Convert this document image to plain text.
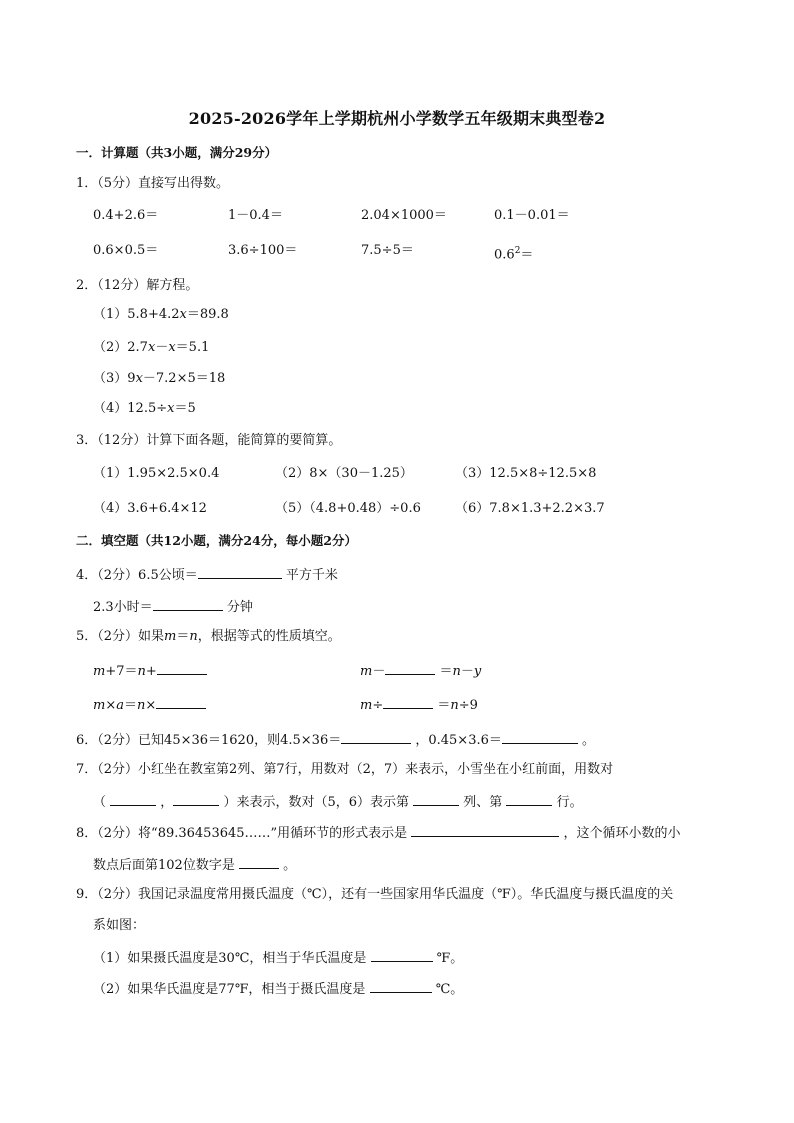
2025-2026学年上学期杭州小学数学五年级期末典型卷2
一．计算题（共3小题，满分29分）
1．（5分）直接写出得数。
0.4+2.6＝	1－0.4＝	2.04×1000＝	0.1－0.01＝
0.6×0.5＝	3.6÷100＝	7.5÷5＝	$0.6^2=$
2．（12分）解方程。
（1）5.8+4.2x＝89.8
（2）2.7x－x＝5.1
（3）9x－7.2×5＝18
（4）12.5÷x＝5
3．（12分）计算下面各题，能简算的要简算。
（1）1.95×2.5×0.4	（2）8×（30－1.25）	（3）12.5×8÷12.5×8
（4）3.6+6.4×12	（5）（4.8+0.48）÷0.6	（6）7.8×1.3+2.2×3.7
二．填空题（共12小题，满分24分，每小题2分）
4．（2分）6.5公顷＝	平方千米
2.3小时＝	分钟
5．（2分）如果m＝n，根据等式的性质填空。
m+7＝n+	m－	＝n－y
m×a＝n×	m÷	＝n÷9
6．（2分）已知45×36＝1620，则4.5×36＝	，0.45×3.6＝	。
7．（2分）小红坐在教室第2列、第7行，用数对（2，7）来表示，小雪坐在小红前面，用数对
（	，	）来表示，数对（5，6）表示第	列、第	行。
8．（2分）将“89.36453645……”用循环节的形式表示是	，这个循环小数的小
数点后面第102位数字是	。
9．（2分）我国记录温度常用摄氏温度（℃），还有一些国家用华氏温度（℉）。华氏温度与摄氏温度的关
系如图：
（1）如果摄氏温度是30℃，相当于华氏温度是	℉。
（2）如果华氏温度是77℉，相当于摄氏温度是	℃。
